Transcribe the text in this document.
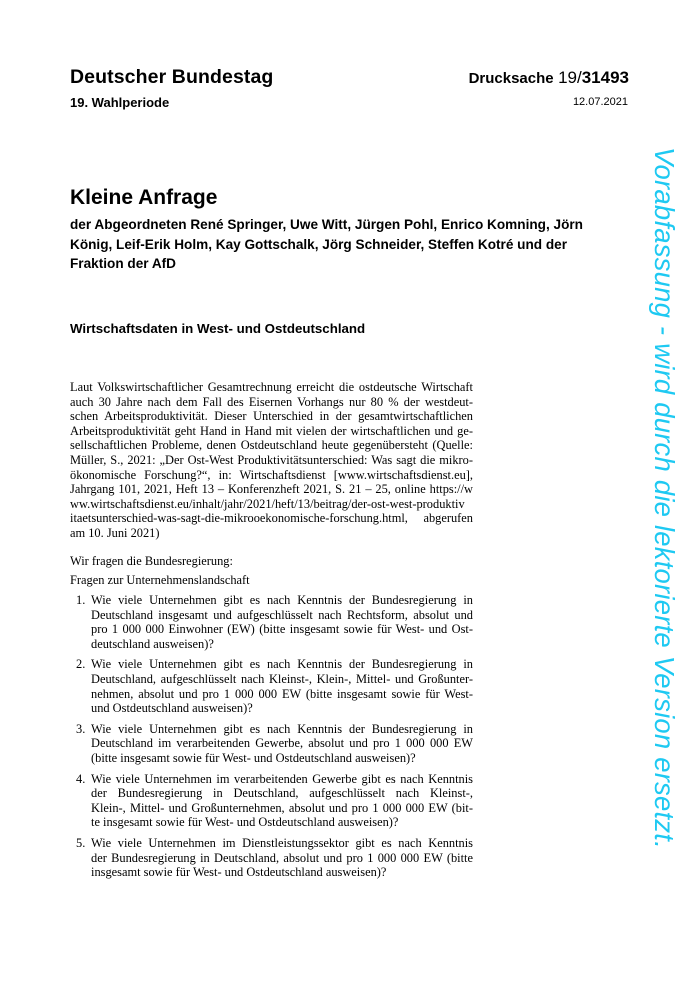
Deutscher Bundestag	Drucksache 19/31493
19. Wahlperiode	12.07.2021
Kleine Anfrage
der Abgeordneten René Springer, Uwe Witt, Jürgen Pohl, Enrico Komning, Jörn
König, Leif-Erik Holm, Kay Gottschalk, Jörg Schneider, Steffen Kotré und der
Fraktion der AfD
Wirtschaftsdaten in West- und Ostdeutschland
Laut Volkswirtschaftlicher Gesamtrechnung erreicht die ostdeutsche Wirtschaft
auch 30 Jahre nach dem Fall des Eisernen Vorhangs nur 80 % der westdeut-
schen Arbeitsproduktivität. Dieser Unterschied in der gesamtwirtschaftlichen
Arbeitsproduktivität geht Hand in Hand mit vielen der wirtschaftlichen und ge-
sellschaftlichen Probleme, denen Ostdeutschland heute gegenübersteht (Quelle:
Müller, S., 2021: „Der Ost-West Produktivitätsunterschied: Was sagt die mikro-
ökonomische Forschung?“, in: Wirtschaftsdienst [www.wirtschaftsdienst.eu],
Jahrgang 101, 2021, Heft 13 – Konferenzheft 2021, S. 21 – 25, online https://w
ww.wirtschaftsdienst.eu/inhalt/jahr/2021/heft/13/beitrag/der-ost-west-produktiv
itaetsunterschied-was-sagt-die-mikrooekonomische-forschung.html, abgerufen
am 10. Juni 2021)
Wir fragen die Bundesregierung:
Fragen zur Unternehmenslandschaft
1. Wie viele Unternehmen gibt es nach Kenntnis der Bundesregierung in
Deutschland insgesamt und aufgeschlüsselt nach Rechtsform, absolut und
pro 1 000 000 Einwohner (EW) (bitte insgesamt sowie für West- und Ost-
deutschland ausweisen)?
2. Wie viele Unternehmen gibt es nach Kenntnis der Bundesregierung in
Deutschland, aufgeschlüsselt nach Kleinst-, Klein-, Mittel- und Großunter-
nehmen, absolut und pro 1 000 000 EW (bitte insgesamt sowie für West-
und Ostdeutschland ausweisen)?
3. Wie viele Unternehmen gibt es nach Kenntnis der Bundesregierung in
Deutschland im verarbeitenden Gewerbe, absolut und pro 1 000 000 EW
(bitte insgesamt sowie für West- und Ostdeutschland ausweisen)?
4. Wie viele Unternehmen im verarbeitenden Gewerbe gibt es nach Kenntnis
der Bundesregierung in Deutschland, aufgeschlüsselt nach Kleinst-,
Klein-, Mittel- und Großunternehmen, absolut und pro 1 000 000 EW (bit-
te insgesamt sowie für West- und Ostdeutschland ausweisen)?
5. Wie viele Unternehmen im Dienstleistungssektor gibt es nach Kenntnis
der Bundesregierung in Deutschland, absolut und pro 1 000 000 EW (bitte
insgesamt sowie für West- und Ostdeutschland ausweisen)?
Vorabfassung - wird durch die lektorierte Version ersetzt.
